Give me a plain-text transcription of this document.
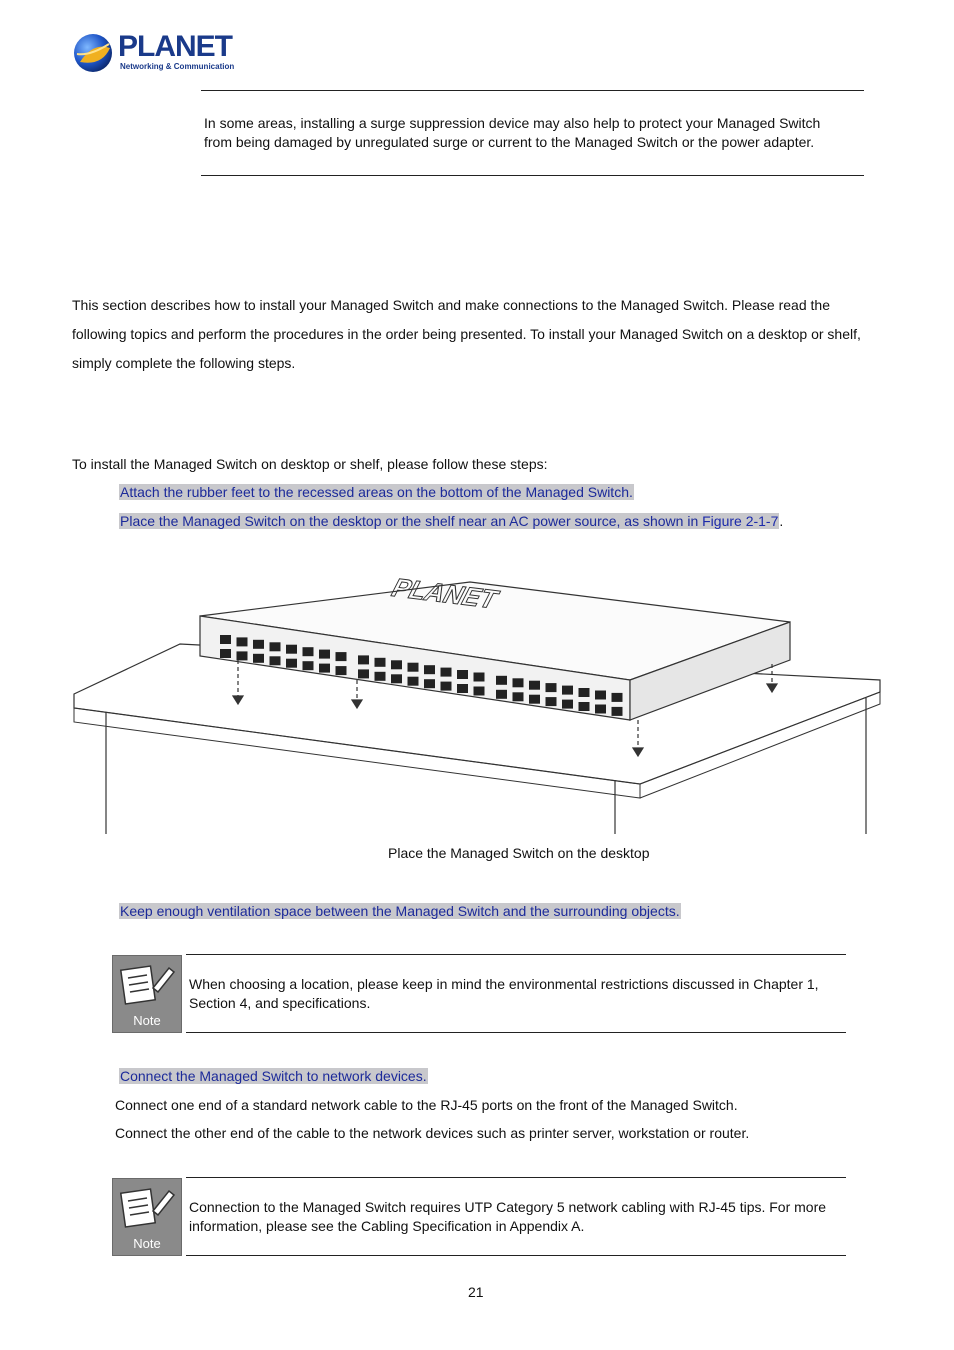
PLANET
Networking & Communication
In some areas, installing a surge suppression device may also help to protect your Managed Switch
from being damaged by unregulated surge or current to the Managed Switch or the power adapter.
This section describes how to install your Managed Switch and make connections to the Managed Switch. Please read the
following topics and perform the procedures in the order being presented. To install your Managed Switch on a desktop or shelf,
simply complete the following steps.
To install the Managed Switch on desktop or shelf, please follow these steps:
Attach the rubber feet to the recessed areas on the bottom of the Managed Switch.
Place the Managed Switch on the desktop or the shelf near an AC power source, as shown in Figure 2-1-7.
PLANET
Place the Managed Switch on the desktop
Keep enough ventilation space between the Managed Switch and the surrounding objects.
Note
When choosing a location, please keep in mind the environmental restrictions discussed in Chapter 1,
Section 4, and specifications.
Connect the Managed Switch to network devices.
Connect one end of a standard network cable to the RJ-45 ports on the front of the Managed Switch.
Connect the other end of the cable to the network devices such as printer server, workstation or router.
Note
Connection to the Managed Switch requires UTP Category 5 network cabling with RJ-45 tips. For more
information, please see the Cabling Specification in Appendix A.
21
